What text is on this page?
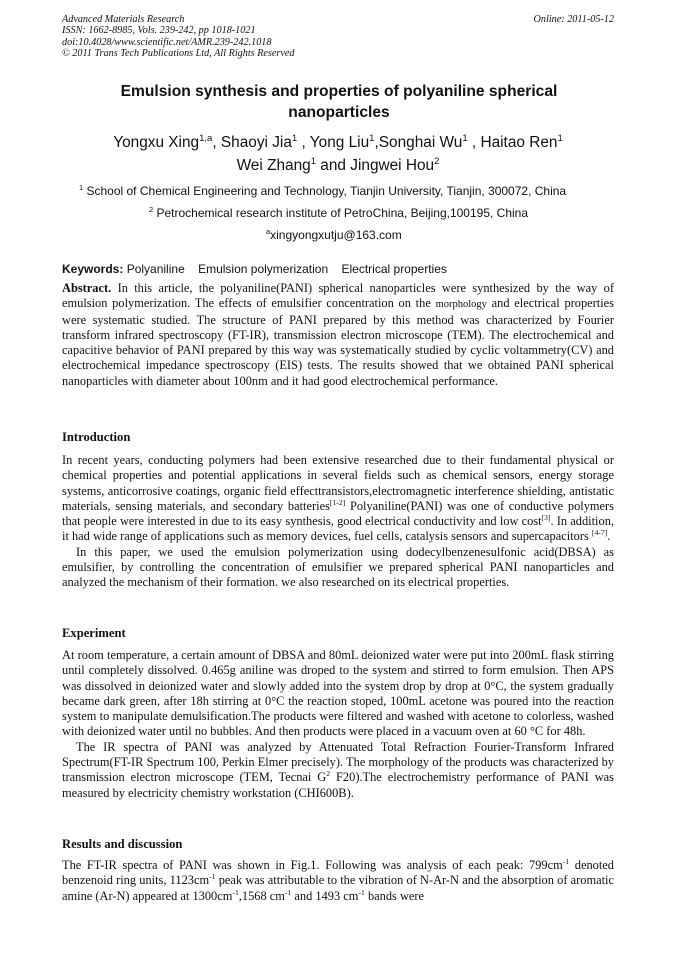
Advanced Materials Research
ISSN: 1662-8985, Vols. 239-242, pp 1018-1021
doi:10.4028/www.scientific.net/AMR.239-242.1018
© 2011 Trans Tech Publications Ltd, All Rights Reserved
Online: 2011-05-12
Emulsion synthesis and properties of polyaniline spherical nanoparticles
Yongxu Xing$^{1,a}$, Shaoyi Jia$^1$ , Yong Liu$^1$,Songhai Wu$^1$ , Haitao Ren$^1$
Wei Zhang$^1$ and Jingwei Hou$^2$
$^1$ School of Chemical Engineering and Technology, Tianjin University, Tianjin, 300072, China
$^2$ Petrochemical research institute of PetroChina, Beijing,100195, China
$^a$xingyongxutju@163.com
Keywords: Polyaniline Emulsion polymerization Electrical properties

Abstract. In this article, the polyaniline(PANI) spherical nanoparticles were synthesized by the way of emulsion polymerization. The effects of emulsifier concentration on the morphology and electrical properties were systematic studied. The structure of PANI prepared by this method was characterized by Fourier transform infrared spectroscopy (FT-IR), transmission electron microscope (TEM). The electrochemical and capacitive behavior of PANI prepared by this way was systematically studied by cyclic voltammetry(CV) and electrochemical impedance spectroscopy (EIS) tests. The results showed that we obtained PANI spherical nanoparticles with diameter about 100nm and it had good electrochemical performance.

Introduction

In recent years, conducting polymers had been extensive researched due to their fundamental physical or chemical properties and potential applications in several fields such as chemical sensors, energy storage systems, anticorrosive coatings, organic field effecttransistors,electromagnetic interference shielding, antistatic materials, sensing materials, and secondary batteries[1-2] Polyaniline(PANI) was one of conductive polymers that people were interested in due to its easy synthesis, good electrical conductivity and low cost[3]. In addition, it had wide range of applications such as memory devices, fuel cells, catalysis sensors and supercapacitors [4-7].

In this paper, we used the emulsion polymerization using dodecylbenzenesulfonic acid(DBSA) as emulsifier, by controlling the concentration of emulsifier we prepared spherical PANI nanoparticles and analyzed the mechanism of their formation. we also researched on its electrical properties.

Experiment

At room temperature, a certain amount of DBSA and 80mL deionized water were put into 200mL flask stirring until completely dissolved. 0.465g aniline was droped to the system and stirred to form emulsion. Then APS was dissolved in deionized water and slowly added into the system drop by drop at 0°C, the system gradually became dark green, after 18h stirring at 0°C the reaction stoped, 100mL acetone was poured into the reaction system to manipulate demulsification.The products were filtered and washed with acetone to colorless, washed with deionized water until no bubbles. And then products were placed in a vacuum oven at 60 °C for 48h.

The IR spectra of PANI was analyzed by Attenuated Total Refraction Fourier-Transform Infrared Spectrum(FT-IR Spectrum 100, Perkin Elmer precisely). The morphology of the products was characterized by transmission electron microscope (TEM, Tecnai $G^2$ F20).The electrochemistry performance of PANI was measured by electricity chemistry workstation (CHI600B).

Results and discussion

The FT-IR spectra of PANI was shown in Fig.1. Following was analysis of each peak: $799cm^{-1}$ denoted benzenoid ring units, $1123cm^{-1}$ peak was attributable to the vibration of N-Ar-N and the absorption of aromatic amine (Ar-N) appeared at $1300cm^{-1},1568$ $cm^{-1}$ and 1493 $cm^{-1}$ bands were
